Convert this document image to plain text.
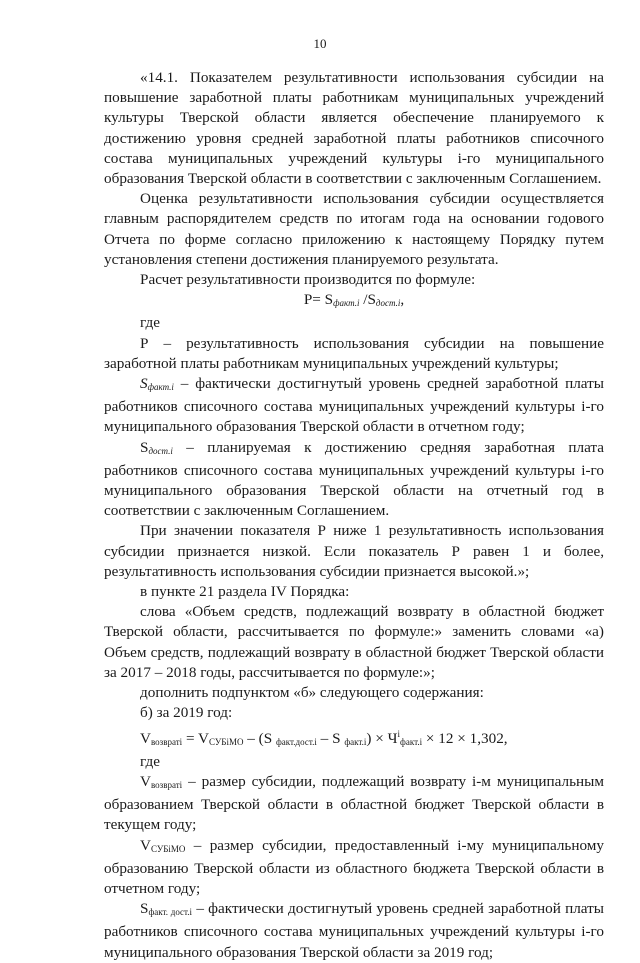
10

«14.1. Показателем результативности использования субсидии на повышение заработной платы работникам муниципальных учреждений культуры Тверской области является обеспечение планируемого к достижению уровня средней заработной платы работников списочного состава муниципальных учреждений культуры i-го муниципального образования Тверской области в соответствии с заключенным Соглашением.

Оценка результативности использования субсидии осуществляется главным распорядителем средств по итогам года на основании годового Отчета по форме согласно приложению к настоящему Порядку путем установления степени достижения планируемого результата.

Расчет результативности производится по формуле:

$P= S_{факт.i}$ $/S_{дост.i}$,

где

Р – результативность использования субсидии на повышение заработной платы работникам муниципальных учреждений культуры;

$S_{факт.i}$ – фактически достигнутый уровень средней заработной платы работников списочного состава муниципальных учреждений культуры i-го муниципального образования Тверской области в отчетном году;

$S_{дост.i}$ – планируемая к достижению средняя заработная плата работников списочного состава муниципальных учреждений культуры i-го муниципального образования Тверской области на отчетный год в соответствии с заключенным Соглашением.

При значении показателя Р ниже 1 результативность использования субсидии признается низкой. Если показатель Р равен 1 и более, результативность использования субсидии признается высокой.»;

в пункте 21 раздела IV Порядка:

слова «Объем средств, подлежащий возврату в областной бюджет Тверской области, рассчитывается по формуле:» заменить словами «а) Объем средств, подлежащий возврату в областной бюджет Тверской области за 2017 – 2018 годы, рассчитывается по формуле:»;

дополнить подпунктом «б» следующего содержания:

б) за 2019 год:

$V_{возвратi} = V_{СУБiМО} - (S$ $_{факт.дост.i}$ – S $_{факт.i}) \times Ч^i_{факт.i} \times 12 \times 1,302$,

где

$V_{возвратi}$ – размер субсидии, подлежащий возврату i-м муниципальным образованием Тверской области в областной бюджет Тверской области в текущем году;

$V_{СУБiМО}$ – размер субсидии, предоставленный i-му муниципальному образованию Тверской области из областного бюджета Тверской области в отчетном году;

$S_{факт. дост.i}$ – фактически достигнутый уровень средней заработной платы работников списочного состава муниципальных учреждений культуры i-го муниципального образования Тверской области за 2019 год;
